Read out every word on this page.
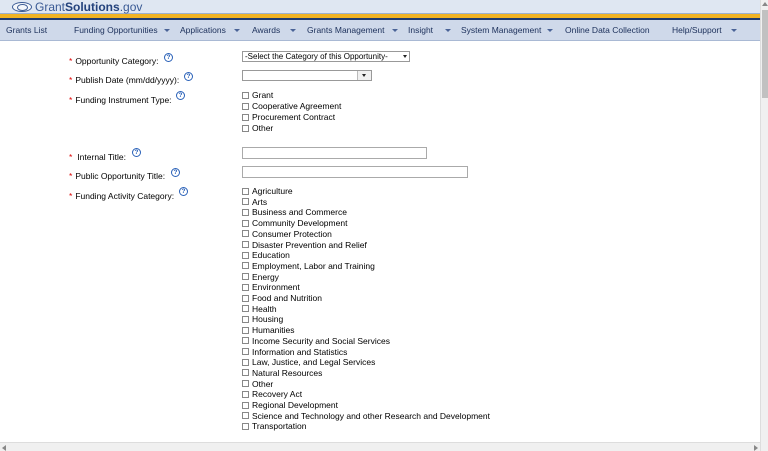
GrantSolutions.gov
Grants List	Funding Opportunities	Applications	Awards	Grants Management	Insight	System Management	Online Data Collection	Help/Support
* Opportunity Category:	?	-Select the Category of this Opportunity-
* Publish Date (mm/dd/yyyy):	?
* Funding Instrument Type:	?	Grant
Cooperative Agreement
Procurement Contract
Other
* Internal Title:	?
* Public Opportunity Title:	?
* Funding Activity Category:	?	Agriculture
Arts
Business and Commerce
Community Development
Consumer Protection
Disaster Prevention and Relief
Education
Employment, Labor and Training
Energy
Environment
Food and Nutrition
Health
Housing
Humanities
Income Security and Social Services
Information and Statistics
Law, Justice, and Legal Services
Natural Resources
Other
Recovery Act
Regional Development
Science and Technology and other Research and Development
Transportation
